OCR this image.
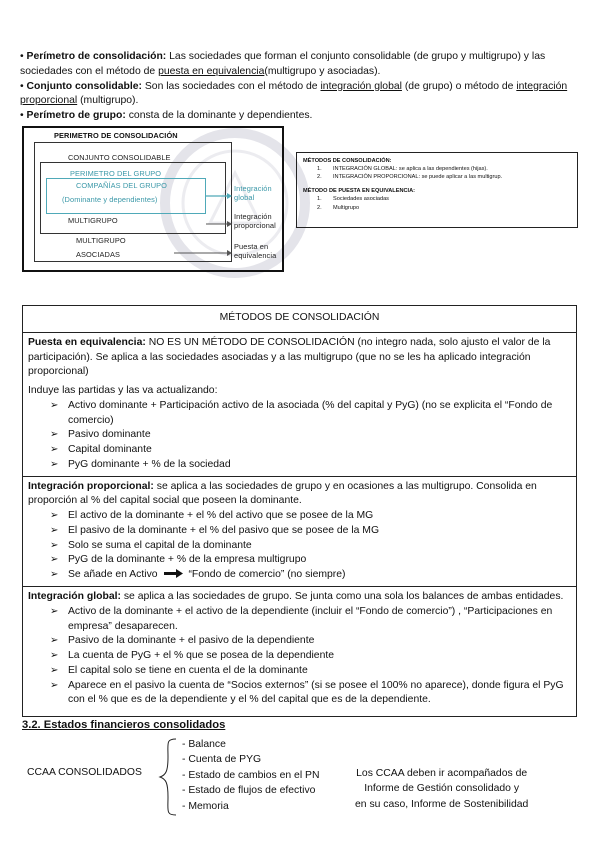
• Perímetro de consolidación: Las sociedades que forman el conjunto consolidable (de grupo y multigrupo) y las sociedades con el método de puesta en equivalencia(multigrupo y asociadas).

• Conjunto consolidable: Son las sociedades con el método de integración global (de grupo) o método de integración proporcional (multigrupo).

• Perímetro de grupo: consta de la dominante y dependientes.

PERIMETRO DE CONSOLIDACIÓN
CONJUNTO CONSOLIDABLE
PERIMETRO DEL GRUPO
COMPAÑÍAS DEL GRUPO
(Dominante y dependientes)
MULTIGRUPO
MULTIGRUPO
ASOCIADAS
Integración
global
Integración
proporcional
Puesta en
equivalencia
MÉTODOS DE CONSOLIDACIÓN:
1. INTEGRACIÓN GLOBAL: se aplica a las dependientes (hijas).
2. INTEGRACIÓN PROPORCIONAL: se puede aplicar a las multigrup.
MÉTODO DE PUESTA EN EQUIVALENCIA:
1. Sociedades asociadas
2. Multigrupo
MÉTODOS DE CONSOLIDACIÓN

Puesta en equivalencia: NO ES UN MÉTODO DE CONSOLIDACIÓN (no integro nada, solo ajusto el valor de la participación). Se aplica a las sociedades asociadas y a las multigrupo (que no se les ha aplicado integración proporcional)

Induye las partidas y las va actualizando:

➢ Activo dominante + Participación activo de la asociada (% del capital y PyG) (no se explicita el “Fondo de comercio)
➢ Pasivo dominante
➢ Capital dominante
➢ PyG dominante + % de la sociedad

Integración proporcional: se aplica a las sociedades de grupo y en ocasiones a las multigrupo. Consolida en proporción al % del capital social que poseen la dominante.

➢ El activo de la dominante + el % del activo que se posee de la MG
➢ El pasivo de la dominante + el % del pasivo que se posee de la MG
➢ Solo se suma el capital de la dominante
➢ PyG de la dominante + % de la empresa multigrupo
➢ Se añade en Activo	“Fondo de comercio” (no siempre)

Integración global: se aplica a las sociedades de grupo. Se junta como una sola los balances de ambas entidades.

➢ Activo de la dominante + el activo de la dependiente (incluir el “Fondo de comercio”) , “Participaciones en empresa” desaparecen.
➢ Pasivo de la dominante + el pasivo de la dependiente
➢ La cuenta de PyG + el % que se posea de la dependiente
➢ El capital solo se tiene en cuenta el de la dominante
➢ Aparece en el pasivo la cuenta de “Socios externos” (si se posee el 100% no aparece), donde figura el PyG con el % que es de la dependiente y el % del capital que es de la dependiente.
3.2. Estados financieros consolidados
CCAA CONSOLIDADOS
- Balance
- Cuenta de PYG
- Estado de cambios en el PN
- Estado de flujos de efectivo
- Memoria
Los CCAA deben ir acompañados de
Informe de Gestión consolidado y
en su caso, Informe de Sostenibilidad
